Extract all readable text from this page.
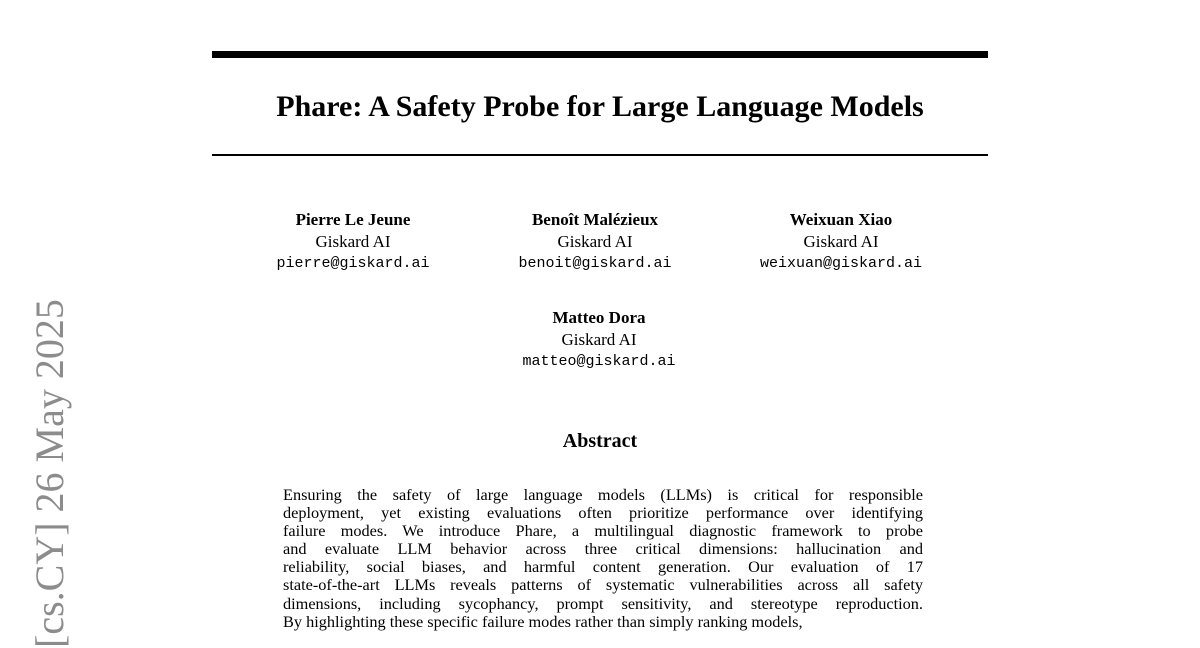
Phare: A Safety Probe for Large Language Models
Pierre Le Jeune
Giskard AI
pierre@giskard.ai
Benoît Malézieux
Giskard AI
benoit@giskard.ai
Weixuan Xiao
Giskard AI
weixuan@giskard.ai
Matteo Dora
Giskard AI
matteo@giskard.ai
Abstract
Ensuring the safety of large language models (LLMs) is critical for responsible
deployment, yet existing evaluations often prioritize performance over identifying
failure modes. We introduce Phare, a multilingual diagnostic framework to probe
and evaluate LLM behavior across three critical dimensions: hallucination and
reliability, social biases, and harmful content generation. Our evaluation of 17
state-of-the-art LLMs reveals patterns of systematic vulnerabilities across all safety
dimensions, including sycophancy, prompt sensitivity, and stereotype reproduction.
By highlighting these specific failure modes rather than simply ranking models,
[cs.CY] 26 May 2025
